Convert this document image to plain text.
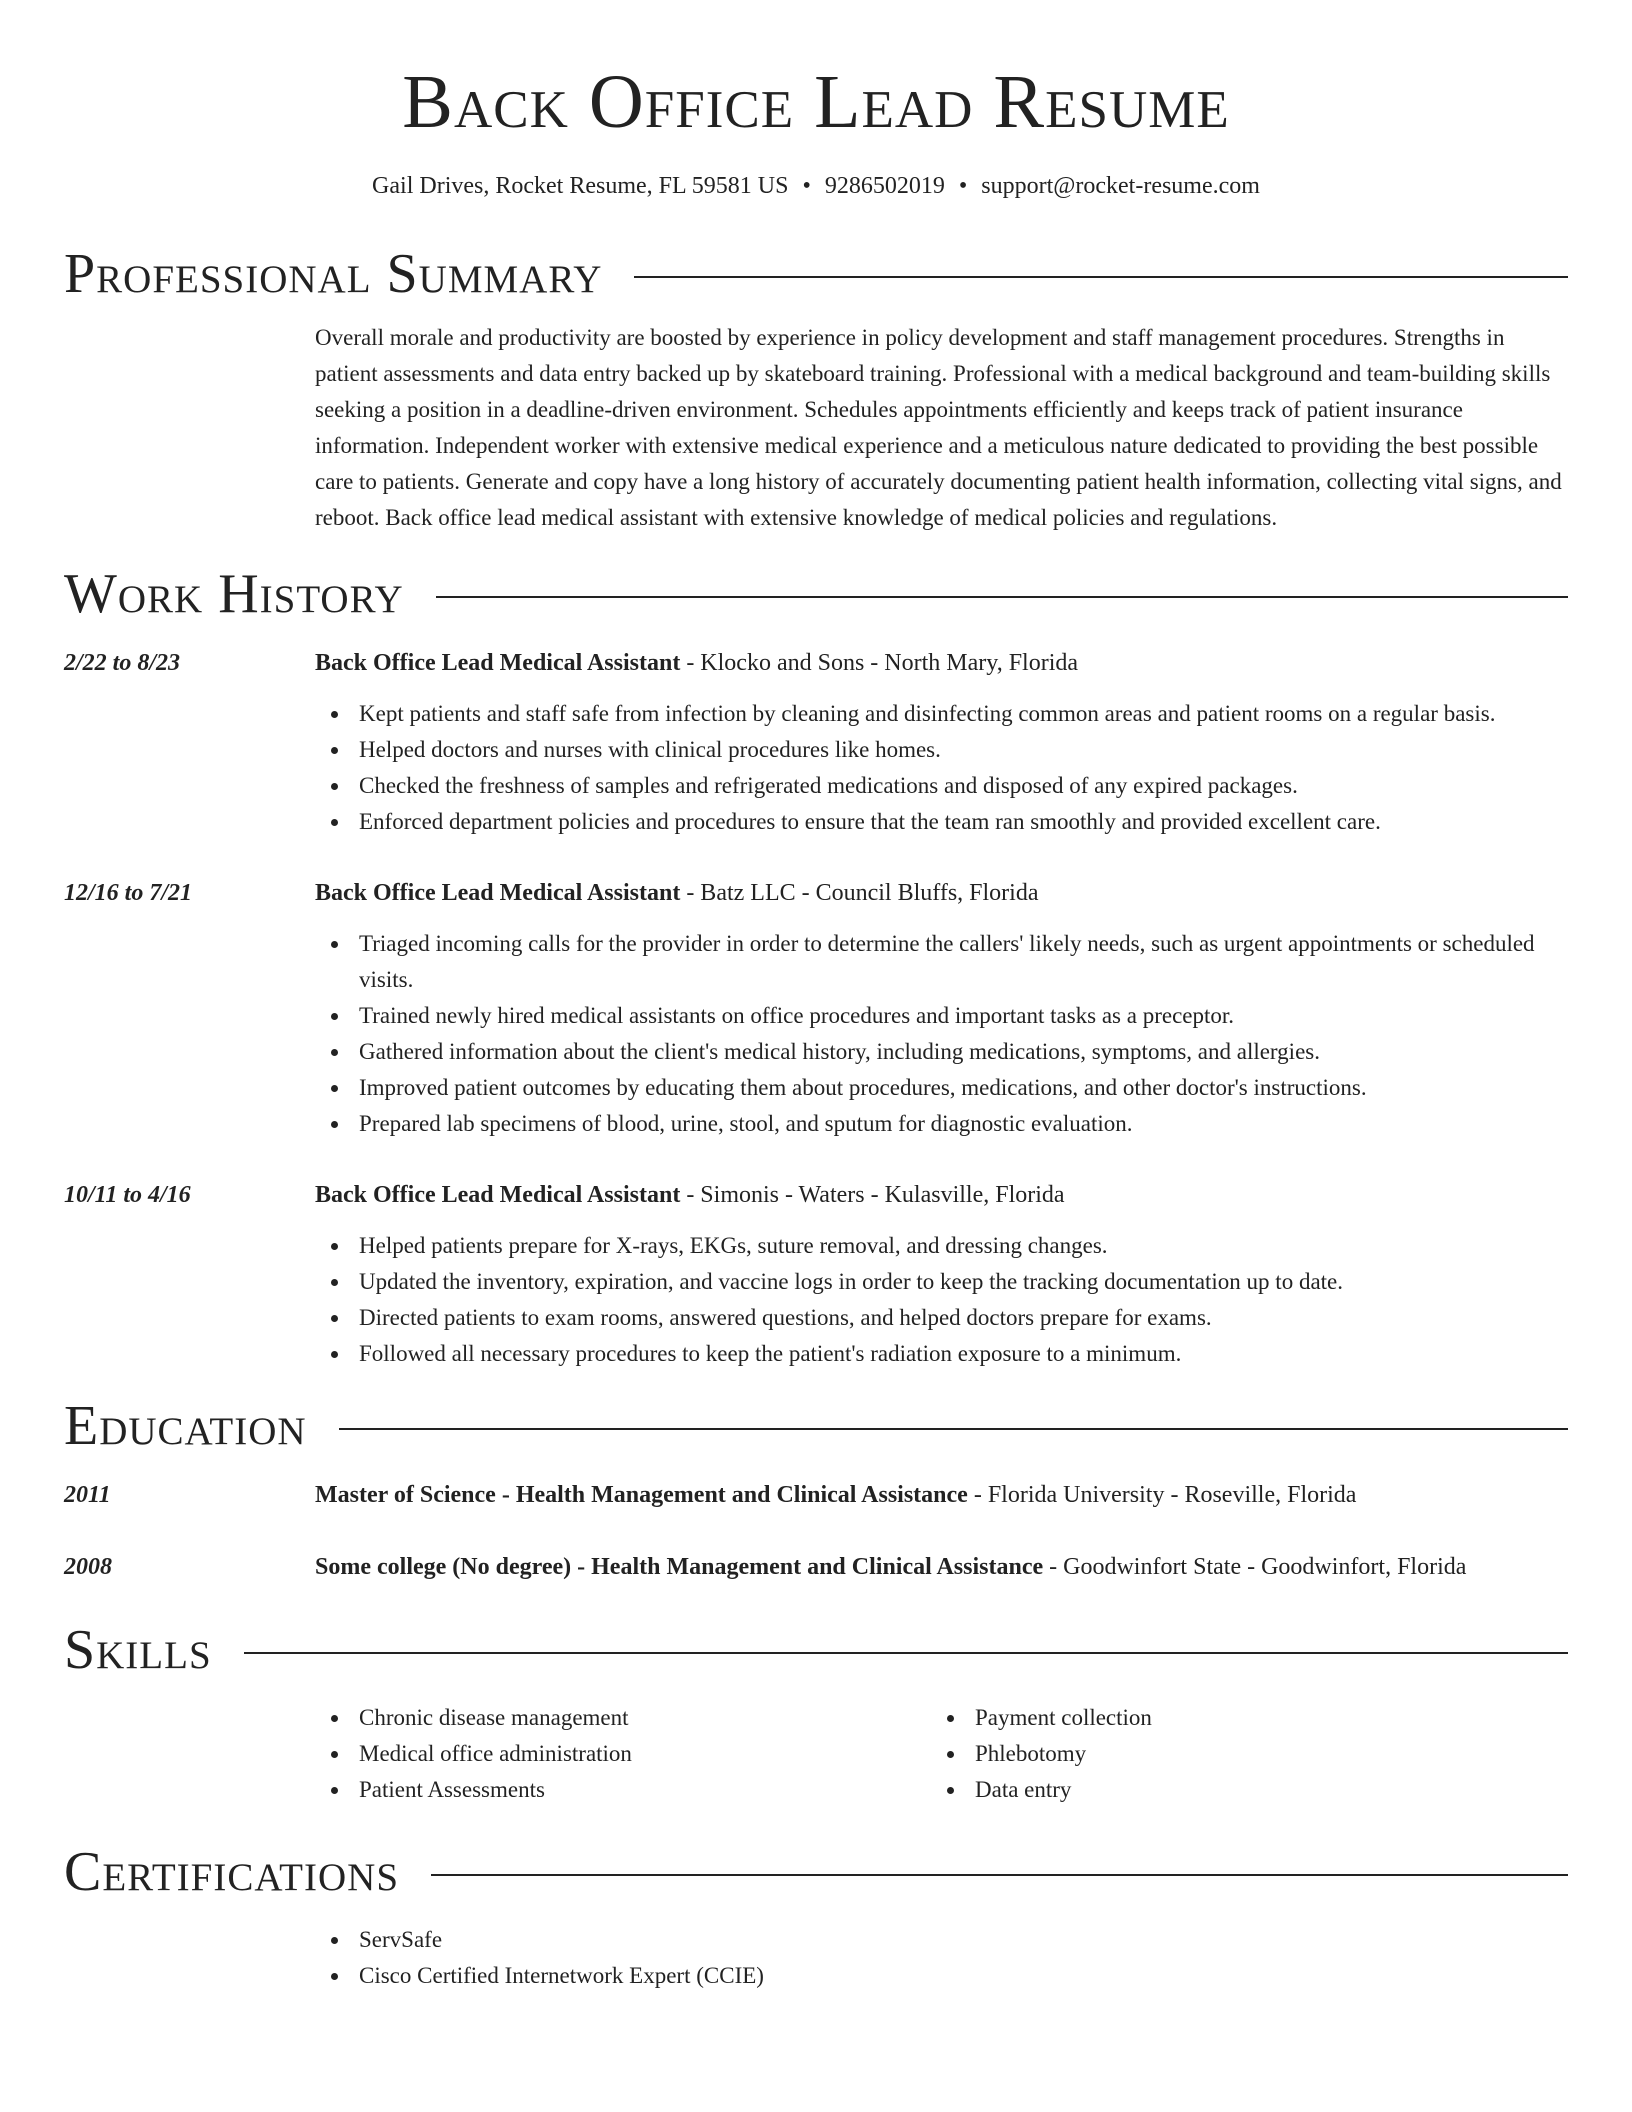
Back Office Lead Resume
Gail Drives, Rocket Resume, FL 59581 US • 9286502019 • support@rocket-resume.com
Professional Summary
Overall morale and productivity are boosted by experience in policy development and staff management procedures. Strengths in patient assessments and data entry backed up by skateboard training. Professional with a medical background and team-building skills seeking a position in a deadline-driven environment. Schedules appointments efficiently and keeps track of patient insurance information. Independent worker with extensive medical experience and a meticulous nature dedicated to providing the best possible care to patients. Generate and copy have a long history of accurately documenting patient health information, collecting vital signs, and reboot. Back office lead medical assistant with extensive knowledge of medical policies and regulations.
Work History
2/22 to 8/23	Back Office Lead Medical Assistant - Klocko and Sons - North Mary, Florida
Kept patients and staff safe from infection by cleaning and disinfecting common areas and patient rooms on a regular basis.
Helped doctors and nurses with clinical procedures like homes.
Checked the freshness of samples and refrigerated medications and disposed of any expired packages.
Enforced department policies and procedures to ensure that the team ran smoothly and provided excellent care.
12/16 to 7/21	Back Office Lead Medical Assistant - Batz LLC - Council Bluffs, Florida
Triaged incoming calls for the provider in order to determine the callers' likely needs, such as urgent appointments or scheduled visits.
Trained newly hired medical assistants on office procedures and important tasks as a preceptor.
Gathered information about the client's medical history, including medications, symptoms, and allergies.
Improved patient outcomes by educating them about procedures, medications, and other doctor's instructions.
Prepared lab specimens of blood, urine, stool, and sputum for diagnostic evaluation.
10/11 to 4/16	Back Office Lead Medical Assistant - Simonis - Waters - Kulasville, Florida
Helped patients prepare for X-rays, EKGs, suture removal, and dressing changes.
Updated the inventory, expiration, and vaccine logs in order to keep the tracking documentation up to date.
Directed patients to exam rooms, answered questions, and helped doctors prepare for exams.
Followed all necessary procedures to keep the patient's radiation exposure to a minimum.
Education
2011	Master of Science - Health Management and Clinical Assistance - Florida University - Roseville, Florida
2008	Some college (No degree) - Health Management and Clinical Assistance - Goodwinfort State - Goodwinfort, Florida
Skills
Chronic disease management
Medical office administration
Patient Assessments
Payment collection
Phlebotomy
Data entry
Certifications
ServSafe
Cisco Certified Internetwork Expert (CCIE)
